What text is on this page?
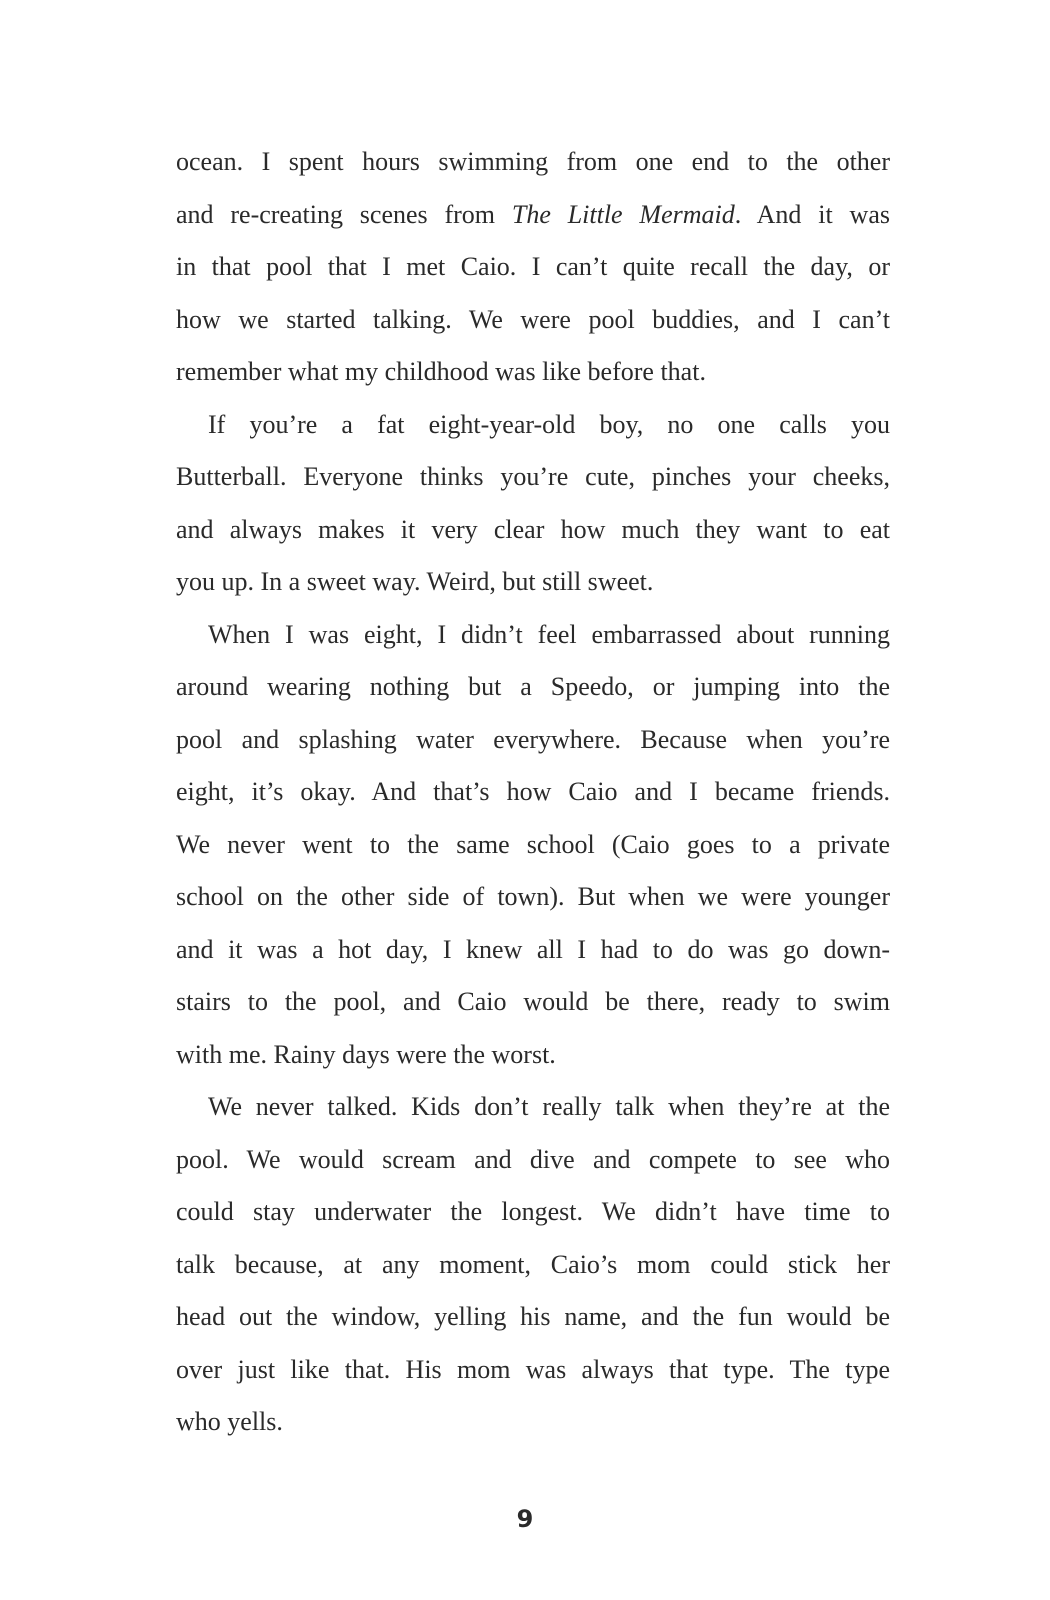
ocean. I spent hours swimming from one end to the other
and re-creating scenes from The Little Mermaid. And it was
in that pool that I met Caio. I can’t quite recall the day, or
how we started talking. We were pool buddies, and I can’t
remember what my childhood was like before that.
If you’re a fat eight-year-old boy, no one calls you
Butterball. Everyone thinks you’re cute, pinches your cheeks,
and always makes it very clear how much they want to eat
you up. In a sweet way. Weird, but still sweet.
When I was eight, I didn’t feel embarrassed about running
around wearing nothing but a Speedo, or jumping into the
pool and splashing water everywhere. Because when you’re
eight, it’s okay. And that’s how Caio and I became friends.
We never went to the same school (Caio goes to a private
school on the other side of town). But when we were younger
and it was a hot day, I knew all I had to do was go down-
stairs to the pool, and Caio would be there, ready to swim
with me. Rainy days were the worst.
We never talked. Kids don’t really talk when they’re at the
pool. We would scream and dive and compete to see who
could stay underwater the longest. We didn’t have time to
talk because, at any moment, Caio’s mom could stick her
head out the window, yelling his name, and the fun would be
over just like that. His mom was always that type. The type
who yells.
9
